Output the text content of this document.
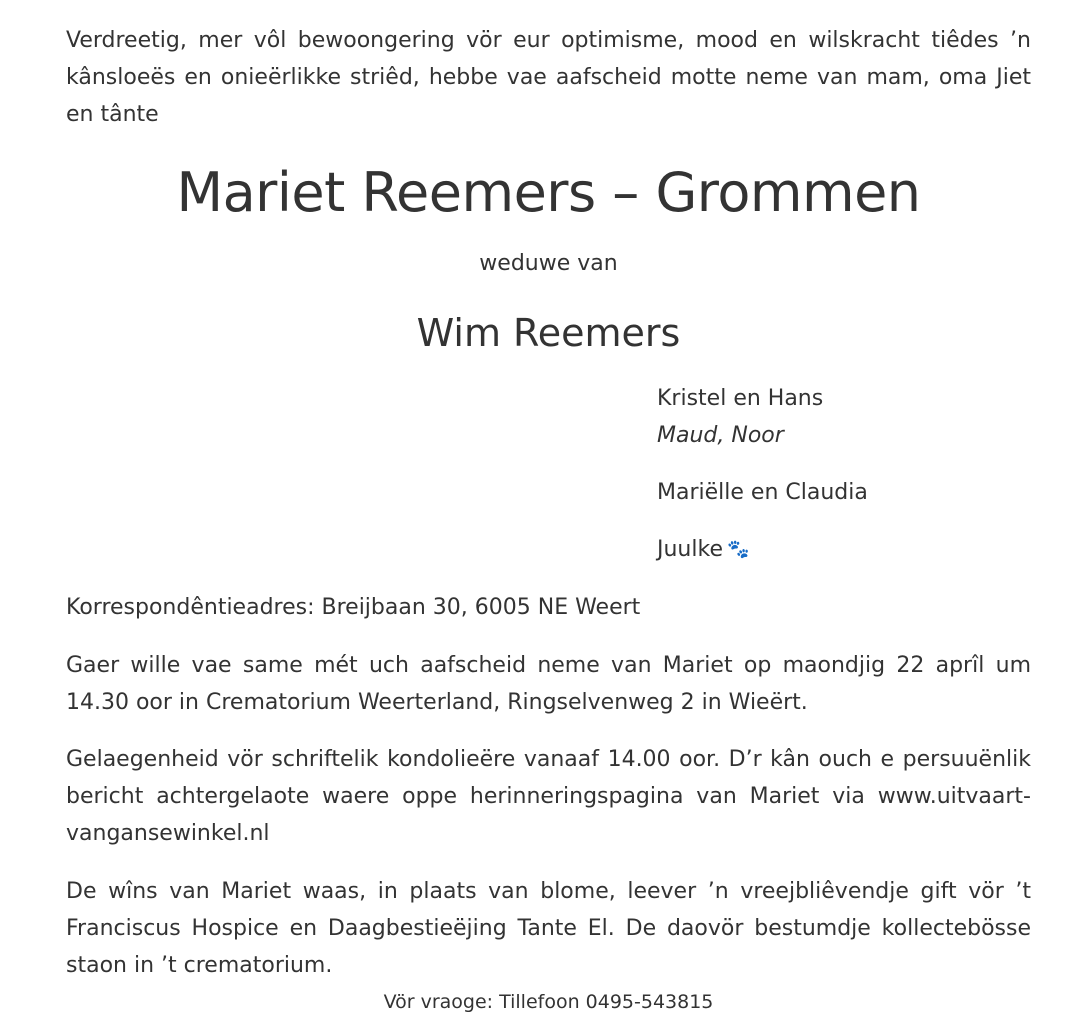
Verdreetig, mer vôl bewoongering vör eur optimisme, mood en wilskracht tiêdes ’n kânsloeës en onieërlikke striêd, hebbe vae aafscheid motte neme van mam, oma Jiet en tânte

Mariet Reemers – Grommen
weduwe van
Wim Reemers
Kristel en Hans
Maud, Noor
Mariëlle en Claudia
Juulke 🐾

Korrespondêntieadres: Breijbaan 30, 6005 NE Weert

Gaer wille vae same mét uch aafscheid neme van Mariet op maondjig 22 aprîl um 14.30 oor in Crematorium Weerterland, Ringselvenweg 2 in Wieërt.

Gelaegenheid vör schriftelik kondolieëre vanaaf 14.00 oor. D’r kân ouch e persuuënlik bericht achtergelaote waere oppe herinneringspagina van Mariet via www.uitvaart-vangansewinkel.nl

De wîns van Mariet waas, in plaats van blome, leever ’n vreejbliêvendje gift vör ’t Franciscus Hospice en Daagbestieëjing Tante El. De daovör bestumdje kollectebösse staon in ’t crematorium.

Vör vraoge: Tillefoon 0495-543815
